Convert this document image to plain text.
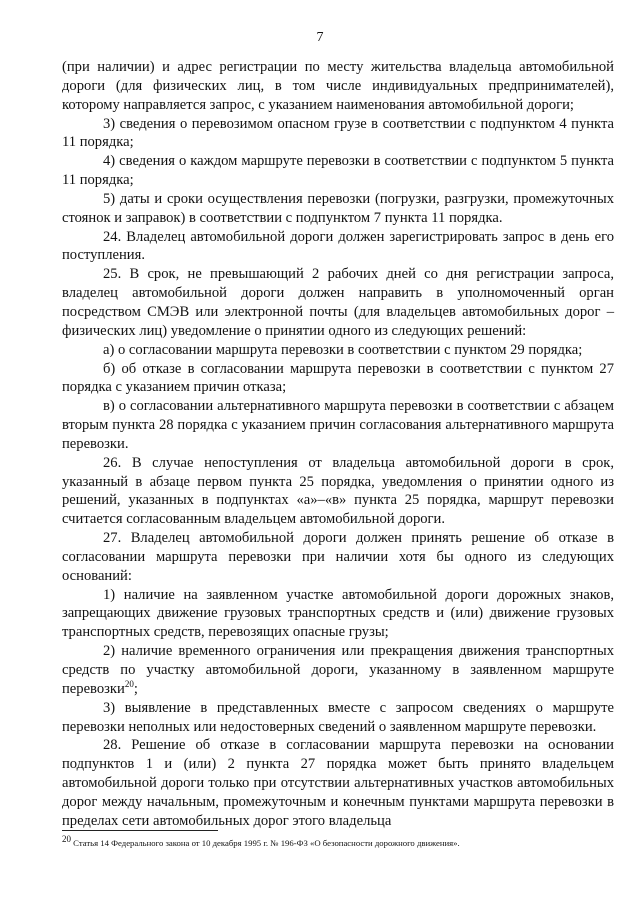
7

(при наличии) и адрес регистрации по месту жительства владельца автомобильной дороги (для физических лиц, в том числе индивидуальных предпринимателей), которому направляется запрос, с указанием наименования автомобильной дороги;

3) сведения о перевозимом опасном грузе в соответствии с подпунктом 4 пункта 11 порядка;

4) сведения о каждом маршруте перевозки в соответствии с подпунктом 5 пункта 11 порядка;

5) даты и сроки осуществления перевозки (погрузки, разгрузки, промежуточных стоянок и заправок) в соответствии с подпунктом 7 пункта 11 порядка.

24. Владелец автомобильной дороги должен зарегистрировать запрос в день его поступления.

25. В срок, не превышающий 2 рабочих дней со дня регистрации запроса, владелец автомобильной дороги должен направить в уполномоченный орган посредством СМЭВ или электронной почты (для владельцев автомобильных дорог – физических лиц) уведомление о принятии одного из следующих решений:

а) о согласовании маршрута перевозки в соответствии с пунктом 29 порядка;

б) об отказе в согласовании маршрута перевозки в соответствии с пунктом 27 порядка с указанием причин отказа;

в) о согласовании альтернативного маршрута перевозки в соответствии с абзацем вторым пункта 28 порядка с указанием причин согласования альтернативного маршрута перевозки.

26. В случае непоступления от владельца автомобильной дороги в срок, указанный в абзаце первом пункта 25 порядка, уведомления о принятии одного из решений, указанных в подпунктах «а»–«в» пункта 25 порядка, маршрут перевозки считается согласованным владельцем автомобильной дороги.

27. Владелец автомобильной дороги должен принять решение об отказе в согласовании маршрута перевозки при наличии хотя бы одного из следующих оснований:

1) наличие на заявленном участке автомобильной дороги дорожных знаков, запрещающих движение грузовых транспортных средств и (или) движение грузовых транспортных средств, перевозящих опасные грузы;

2) наличие временного ограничения или прекращения движения транспортных средств по участку автомобильной дороги, указанному в заявленном маршруте перевозки$^{20}$;

3) выявление в представленных вместе с запросом сведениях о маршруте перевозки неполных или недостоверных сведений о заявленном маршруте перевозки.

28. Решение об отказе в согласовании маршрута перевозки на основании подпунктов 1 и (или) 2 пункта 27 порядка может быть принято владельцем автомобильной дороги только при отсутствии альтернативных участков автомобильных дорог между начальным, промежуточным и конечным пунктами маршрута перевозки в пределах сети автомобильных дорог этого владельца

$^{20}$ Статья 14 Федерального закона от 10 декабря 1995 г. № 196-ФЗ «О безопасности дорожного движения».
